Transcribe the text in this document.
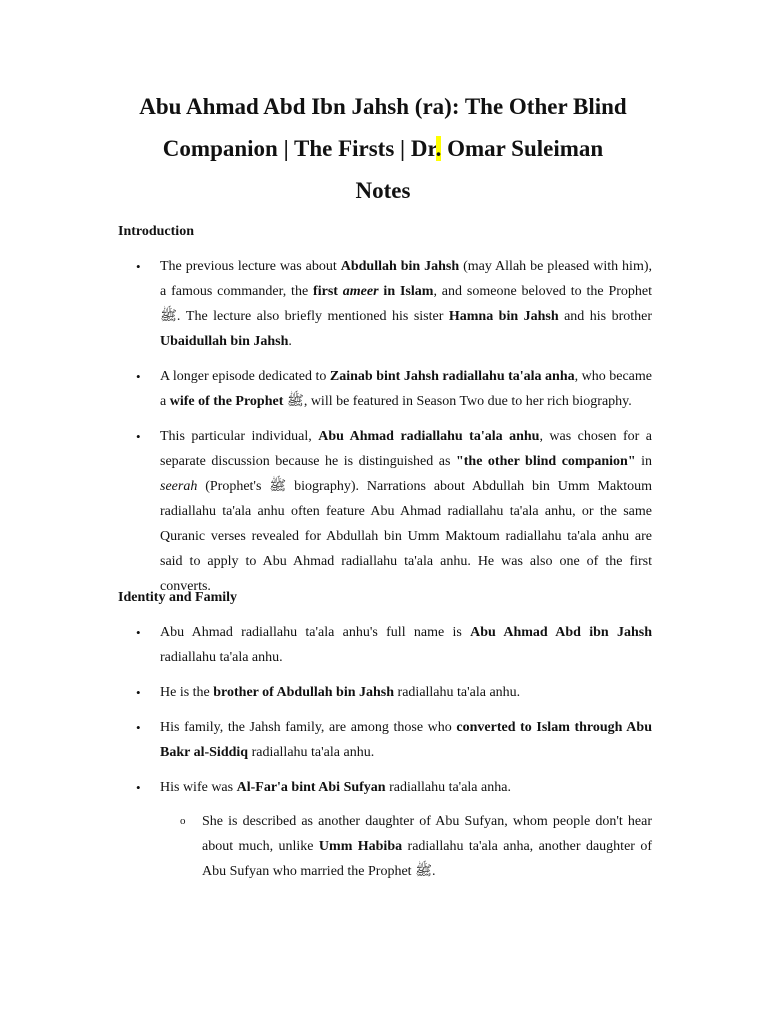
Abu Ahmad Abd Ibn Jahsh (ra): The Other Blind
Companion | The Firsts | Dr. Omar Suleiman
Notes
Introduction
• The previous lecture was about Abdullah bin Jahsh (may Allah be pleased with him), a famous commander, the first ameer in Islam, and someone beloved to the Prophet ﷺ. The lecture also briefly mentioned his sister Hamna bin Jahsh and his brother Ubaidullah bin Jahsh.
• A longer episode dedicated to Zainab bint Jahsh radiallahu ta'ala anha, who became a wife of the Prophet ﷺ, will be featured in Season Two due to her rich biography.
• This particular individual, Abu Ahmad radiallahu ta'ala anhu, was chosen for a separate discussion because he is distinguished as "the other blind companion" in seerah (Prophet's ﷺ biography). Narrations about Abdullah bin Umm Maktoum radiallahu ta'ala anhu often feature Abu Ahmad radiallahu ta'ala anhu, or the same Quranic verses revealed for Abdullah bin Umm Maktoum radiallahu ta'ala anhu are said to apply to Abu Ahmad radiallahu ta'ala anhu. He was also one of the first converts.
Identity and Family
• Abu Ahmad radiallahu ta'ala anhu's full name is Abu Ahmad Abd ibn Jahsh radiallahu ta'ala anhu.
• He is the brother of Abdullah bin Jahsh radiallahu ta'ala anhu.
• His family, the Jahsh family, are among those who converted to Islam through Abu Bakr al-Siddiq radiallahu ta'ala anhu.
• His wife was Al-Far'a bint Abi Sufyan radiallahu ta'ala anha.
o She is described as another daughter of Abu Sufyan, whom people don't hear about much, unlike Umm Habiba radiallahu ta'ala anha, another daughter of Abu Sufyan who married the Prophet ﷺ.
